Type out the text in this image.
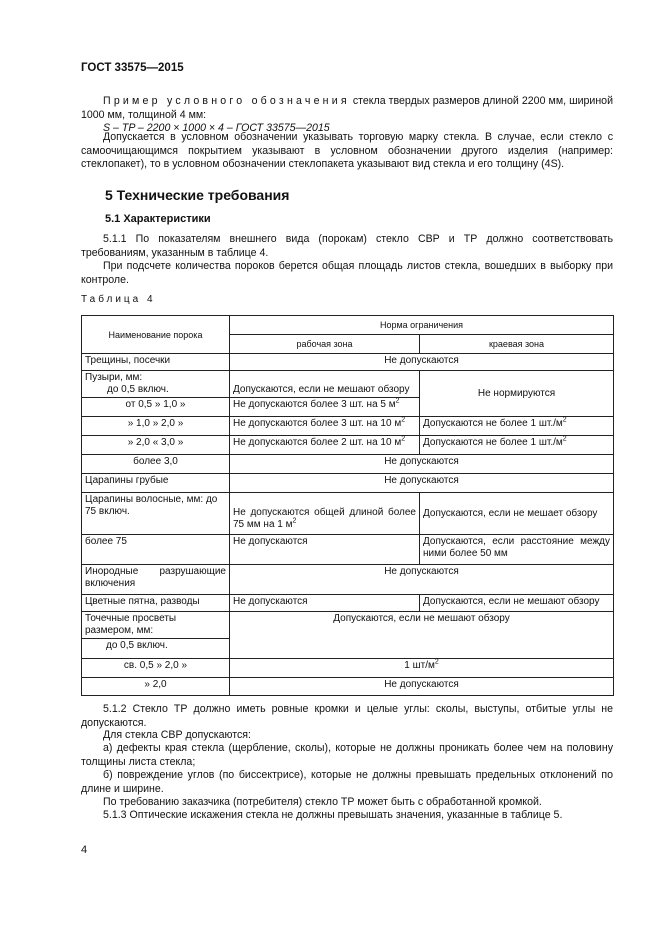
ГОСТ 33575—2015
Пример условного обозначения стекла твердых размеров длиной 2200 мм, шириной 1000 мм, толщиной 4 мм:
S – TP – 2200 × 1000 × 4 – ГОСТ 33575—2015
Допускается в условном обозначении указывать торговую марку стекла. В случае, если стекло с самоочищающимся покрытием указывают в условном обозначении другого изделия (например: стеклопакет), то в условном обозначении стеклопакета указывают вид стекла и его толщину (4S).
5 Технические требования
5.1 Характеристики
5.1.1 По показателям внешнего вида (порокам) стекло СВР и ТР должно соответствовать требованиям, указанным в таблице 4.
При подсчете количества пороков берется общая площадь листов стекла, вошедших в выборку при контроле.
Таблица 4
Наименование порока	Норма ограничения	
	рабочая зона	краевая зона
Трещины, посечки	Не допускаются	

Пузыри, мм:
до 0,5 включ.	Допускаются, если не мешают обзору	Не нормируются
от 0,5 » 1,0 »	Не допускаются более 3 шт. на 5 $м^2$
» 1,0 » 2,0 »	Не допускаются более 3 шт. на 10 $м^2$	Допускаются не более 1 $шт./м^2$
» 2,0 « 3,0 »	Не допускаются более 2 шт. на 10 $м^2$	Допускаются не более 1 $шт./м^2$
более 3,0	Не допускаются	
Царапины грубые	Не допускаются	
Царапины волосные, мм: до 75 включ.	Не допускаются общей длиной более 75 мм на 1 $м^2$	Допускаются, если не мешает обзору
более 75	Не допускаются	Допускаются, если расстояние между ними более 50 мм
Инородные разрушающие включения	Не допускаются	
Цветные пятна, разводы	Не допускаются	Допускаются, если не мешают обзору
Точечные просветы размером, мм:	Допускаются, если не мешают обзору	
до 0,5 включ.		
св. 0,5 » 2,0 »	1 $шт/м^2$
» 2,0	Не допускаются	
5.1.2 Стекло ТР должно иметь ровные кромки и целые углы: сколы, выступы, отбитые углы не допускаются.
Для стекла СВР допускаются:
а) дефекты края стекла (щербление, сколы), которые не должны проникать более чем на половину толщины листа стекла;
б) повреждение углов (по биссектрисе), которые не должны превышать предельных отклонений по длине и ширине.
По требованию заказчика (потребителя) стекло ТР может быть с обработанной кромкой.
5.1.3 Оптические искажения стекла не должны превышать значения, указанные в таблице 5.
4
